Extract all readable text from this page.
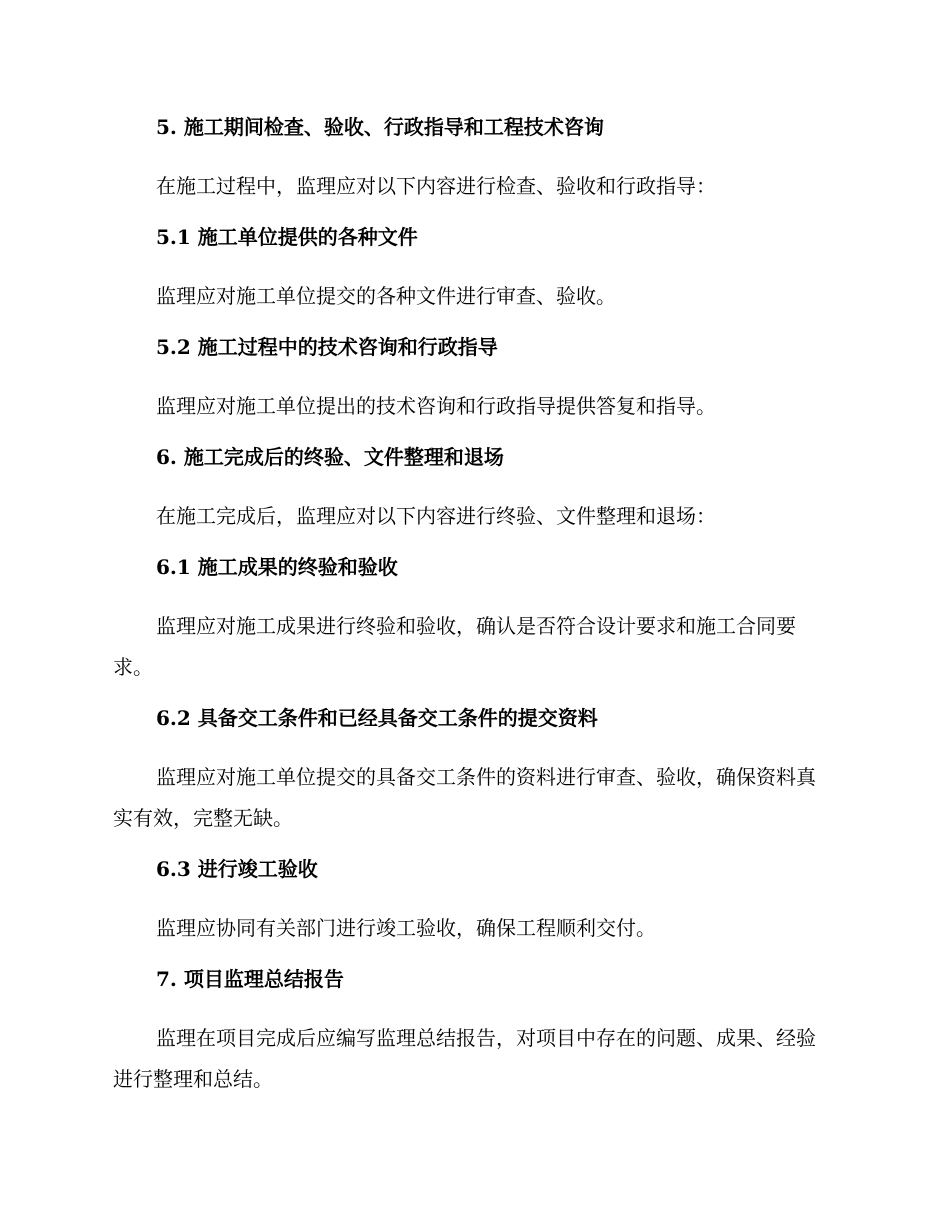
5. 施工期间检查、验收、行政指导和工程技术咨询

在施工过程中，监理应对以下内容进行检查、验收和行政指导：

5.1 施工单位提供的各种文件

监理应对施工单位提交的各种文件进行审查、验收。

5.2 施工过程中的技术咨询和行政指导

监理应对施工单位提出的技术咨询和行政指导提供答复和指导。

6. 施工完成后的终验、文件整理和退场

在施工完成后，监理应对以下内容进行终验、文件整理和退场：

6.1 施工成果的终验和验收

监理应对施工成果进行终验和验收，确认是否符合设计要求和施工合同要求。

6.2 具备交工条件和已经具备交工条件的提交资料

监理应对施工单位提交的具备交工条件的资料进行审查、验收，确保资料真实有效，完整无缺。

6.3 进行竣工验收

监理应协同有关部门进行竣工验收，确保工程顺利交付。

7. 项目监理总结报告

监理在项目完成后应编写监理总结报告，对项目中存在的问题、成果、经验进行整理和总结。
